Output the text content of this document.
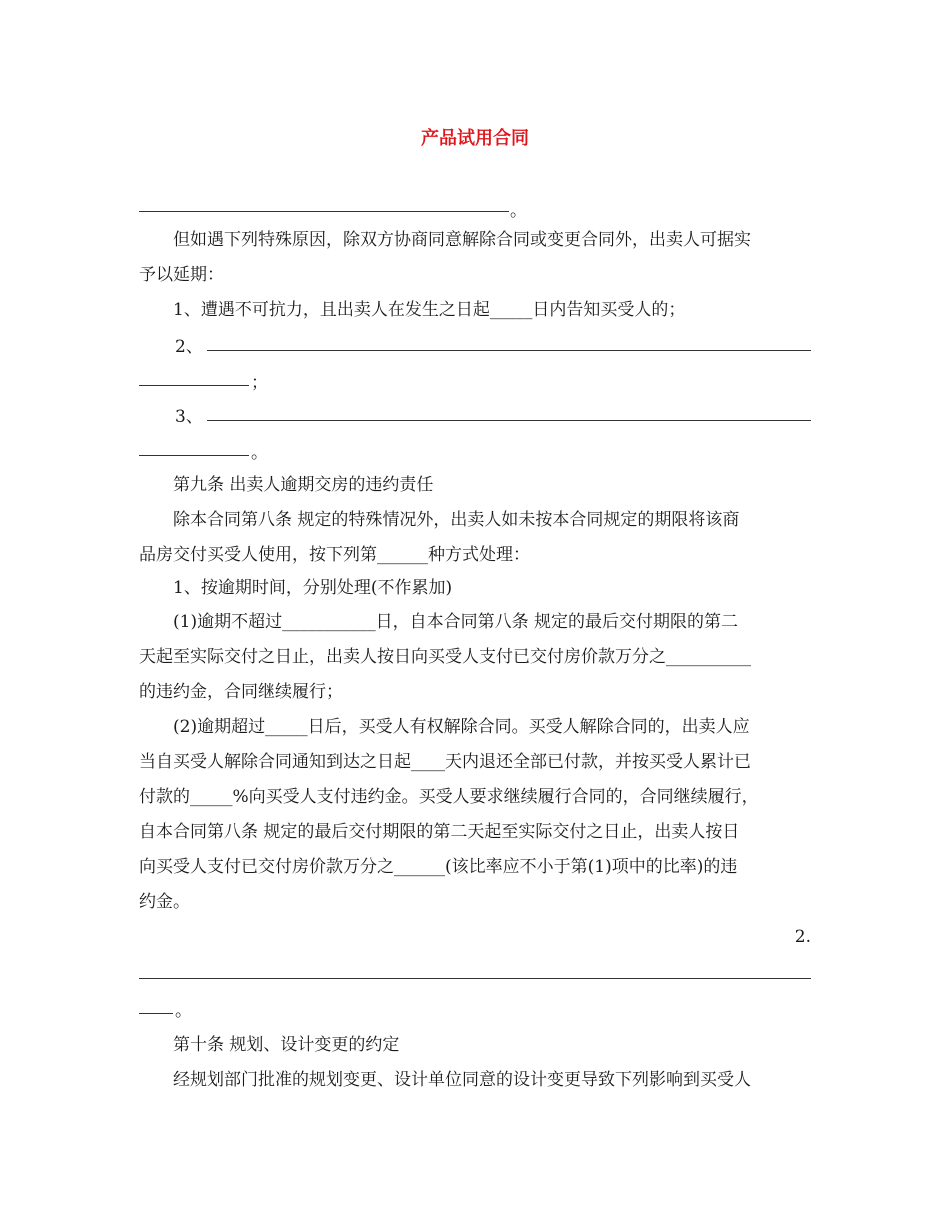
产品试用合同
。
　　但如遇下列特殊原因，除双方协商同意解除合同或变更合同外，出卖人可据实
予以延期：
　　1、遭遇不可抗力，且出卖人在发生之日起_____日内告知买受人的；
2、
；
3、
。
　　第九条 出卖人逾期交房的违约责任
　　除本合同第八条 规定的特殊情况外，出卖人如未按本合同规定的期限将该商
品房交付买受人使用，按下列第______种方式处理：
　　1、按逾期时间，分别处理(不作累加)
　　(1)逾期不超过___________日，自本合同第八条 规定的最后交付期限的第二
天起至实际交付之日止，出卖人按日向买受人支付已交付房价款万分之__________
的违约金，合同继续履行；
　　(2)逾期超过_____日后，买受人有权解除合同。买受人解除合同的，出卖人应
当自买受人解除合同通知到达之日起____天内退还全部已付款，并按买受人累计已
付款的_____%向买受人支付违约金。买受人要求继续履行合同的，合同继续履行，
自本合同第八条 规定的最后交付期限的第二天起至实际交付之日止，出卖人按日
向买受人支付已交付房价款万分之______(该比率应不小于第(1)项中的比率)的违
约金。
2.
。
　　第十条 规划、设计变更的约定
　　经规划部门批准的规划变更、设计单位同意的设计变更导致下列影响到买受人
